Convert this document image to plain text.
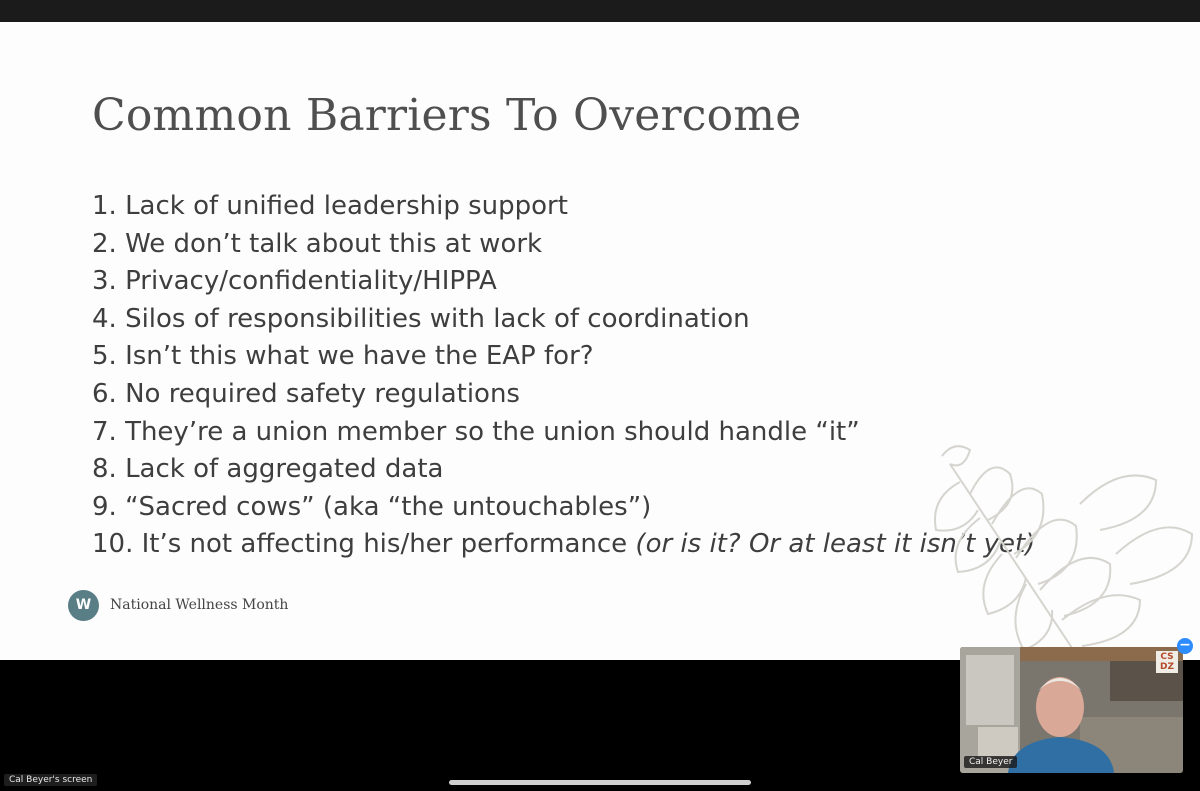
Common Barriers To Overcome
1. Lack of unified leadership support
2. We don’t talk about this at work
3. Privacy/confidentiality/HIPPA
4. Silos of responsibilities with lack of coordination
5. Isn’t this what we have the EAP for?
6. No required safety regulations
7. They’re a union member so the union should handle “it”
8. Lack of aggregated data
9. “Sacred cows” (aka “the untouchables”)
10. It’s not affecting his/her performance (or is it? Or at least it isn’t yet)
W	National Wellness Month
Cal Beyer's screen
CS
DZ
−
Cal Beyer
